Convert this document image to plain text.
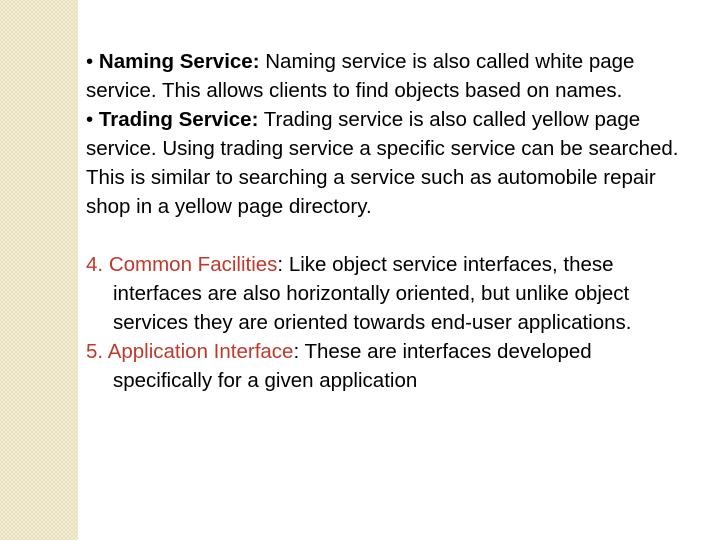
• Naming Service: Naming service is also called white page service. This allows clients to find objects based on names.

• Trading Service: Trading service is also called yellow page service. Using trading service a specific service can be searched. This is similar to searching a service such as automobile repair shop in a yellow page directory.

4. Common Facilities: Like object service interfaces, these interfaces are also horizontally oriented, but unlike object services they are oriented towards end-user applications.

5. Application Interface: These are interfaces developed specifically for a given application
